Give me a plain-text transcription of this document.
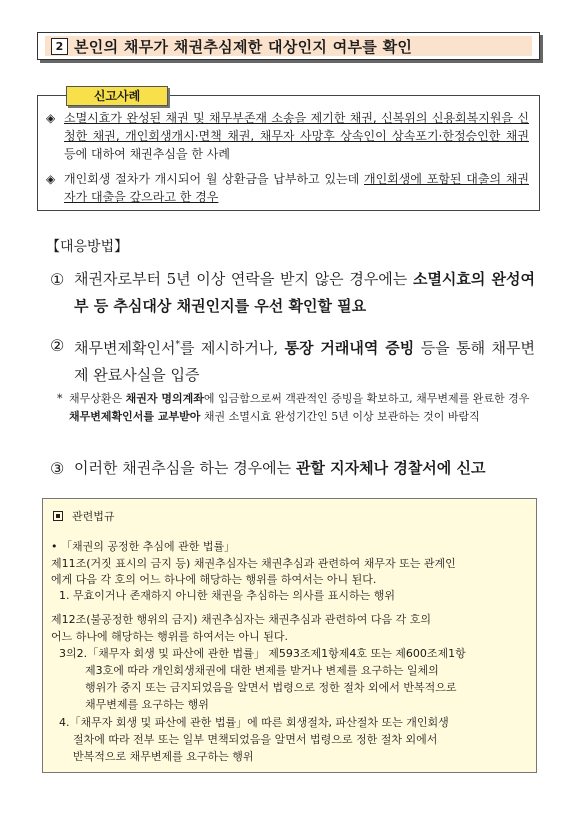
2 본인의 채무가 채권추심제한 대상인지 여부를 확인
신고사례
◈ 소멸시효가 완성된 채권 및 채무부존재 소송을 제기한 채권, 신복위의 신용회복지원을 신청한 채권, 개인회생개시·면책 채권, 채무자 사망후 상속인이 상속포기·한정승인한 채권 등에 대하여 채권추심을 한 사례
◈ 개인회생 절차가 개시되어 월 상환금을 납부하고 있는데 개인회생에 포함된 대출의 채권자가 대출을 갚으라고 한 경우
【대응방법】
① 채권자로부터 5년 이상 연락을 받지 않은 경우에는 소멸시효의 완성여부 등 추심대상 채권인지를 우선 확인할 필요
② 채무변제확인서*를 제시하거나, 통장 거래내역 증빙 등을 통해 채무변제 완료사실을 입증
* 채무상환은 채권자 명의계좌에 입금함으로써 객관적인 증빙을 확보하고, 채무변제를 완료한 경우 채무변제확인서를 교부받아 채권 소멸시효 완성기간인 5년 이상 보관하는 것이 바람직
③ 이러한 채권추심을 하는 경우에는 관할 지자체나 경찰서에 신고
관련법규
• 「채권의 공정한 추심에 관한 법률」
제11조(거짓 표시의 금지 등) 채권추심자는 채권추심과 관련하여 채무자 또는 관계인
에게 다음 각 호의 어느 하나에 해당하는 행위를 하여서는 아니 된다.
1. 무효이거나 존재하지 아니한 채권을 추심하는 의사를 표시하는 행위
제12조(불공정한 행위의 금지) 채권추심자는 채권추심과 관련하여 다음 각 호의
어느 하나에 해당하는 행위를 하여서는 아니 된다.
3의2.「채무자 회생 및 파산에 관한 법률」 제593조제1항제4호 또는 제600조제1항
제3호에 따라 개인회생채권에 대한 변제를 받거나 변제를 요구하는 일체의
행위가 중지 또는 금지되었음을 알면서 법령으로 정한 절차 외에서 반복적으로
채무변제를 요구하는 행위
4.「채무자 회생 및 파산에 관한 법률」에 따른 회생절차, 파산절차 또는 개인회생
절차에 따라 전부 또는 일부 면책되었음을 알면서 법령으로 정한 절차 외에서
반복적으로 채무변제를 요구하는 행위
